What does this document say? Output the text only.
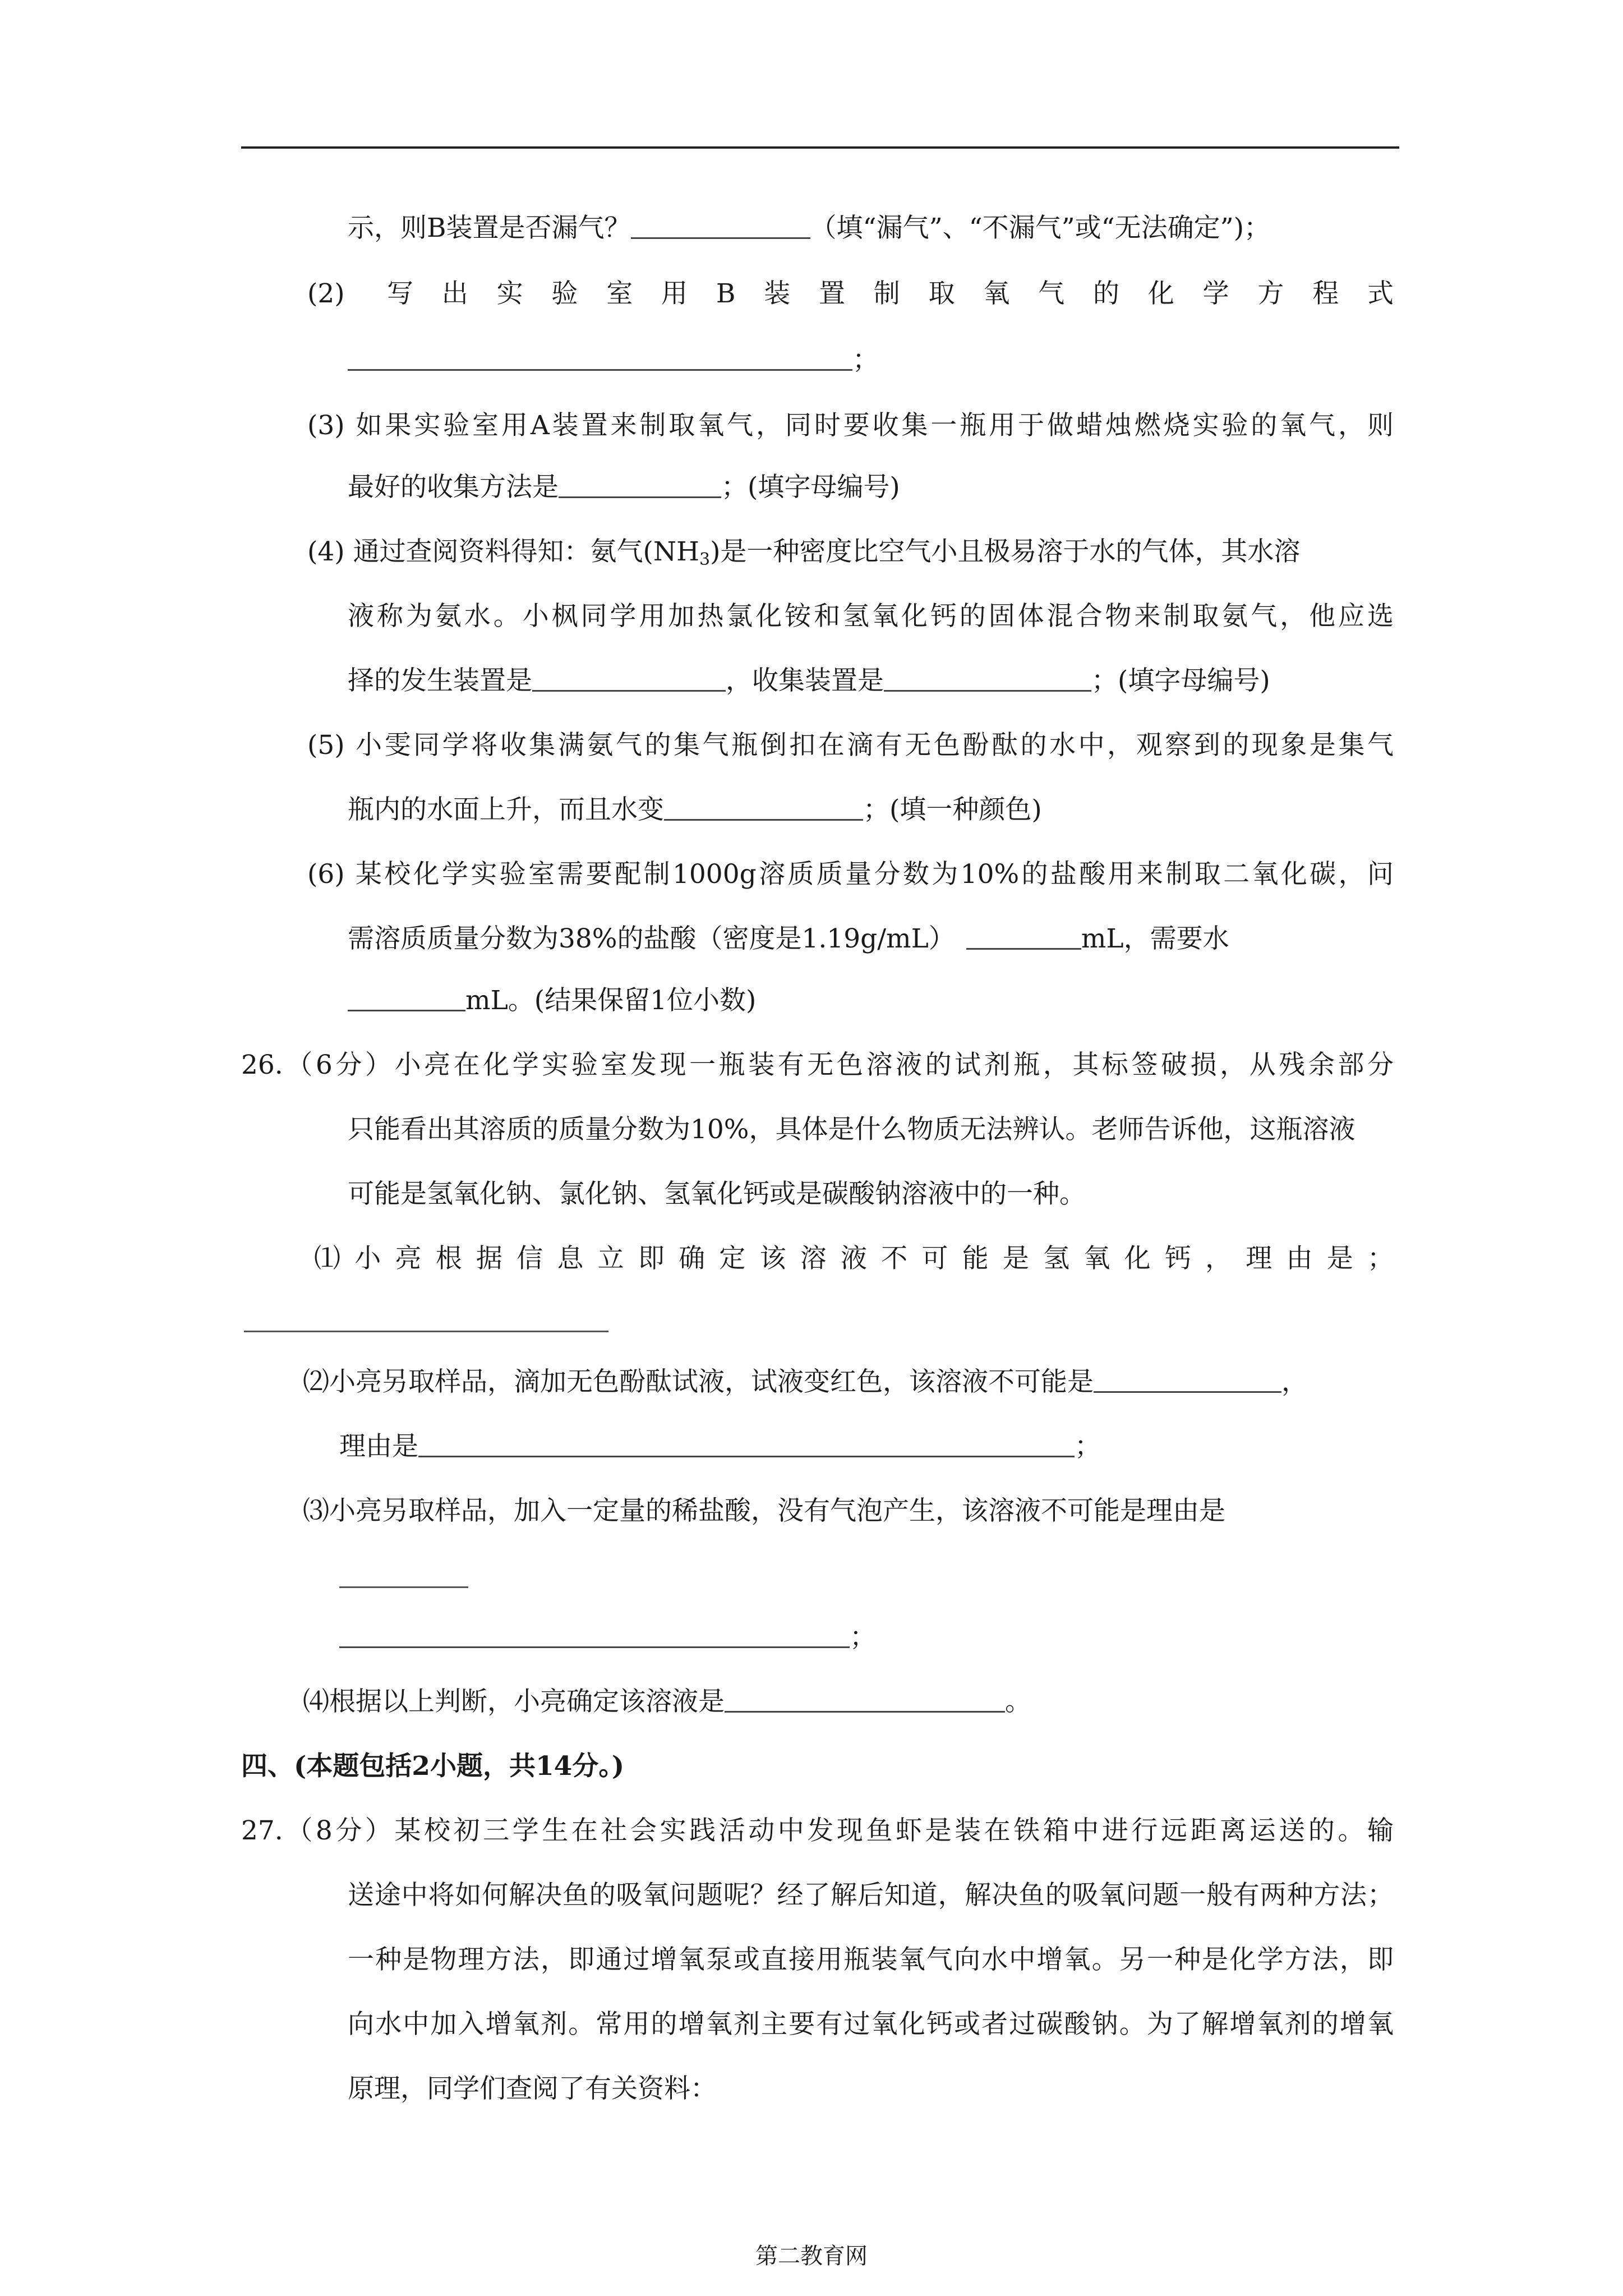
示，则B装置是否漏气？	（填“漏气”、“不漏气”或“无法确定”)；
(2) 写出实验室用B装置制取氧气的化学方程式
；
(3) 如果实验室用A装置来制取氧气，同时要收集一瓶用于做蜡烛燃烧实验的氧气，则
最好的收集方法是	；(填字母编号)
(4) 通过查阅资料得知：氨气$(NH_3)$是一种密度比空气小且极易溶于水的气体，其水溶
液称为氨水。小枫同学用加热氯化铵和氢氧化钙的固体混合物来制取氨气，他应选
择的发生装置是	，收集装置是	；(填字母编号)
(5) 小雯同学将收集满氨气的集气瓶倒扣在滴有无色酚酞的水中，观察到的现象是集气
瓶内的水面上升，而且水变	；(填一种颜色)
(6) 某校化学实验室需要配制1000g溶质质量分数为10%的盐酸用来制取二氧化碳，问
需溶质质量分数为38%的盐酸（密度是1.19g/mL）	mL，需要水
mL。(结果保留1位小数)
26.（6分）小亮在化学实验室发现一瓶装有无色溶液的试剂瓶，其标签破损，从残余部分
只能看出其溶质的质量分数为10%，具体是什么物质无法辨认。老师告诉他，这瓶溶液
可能是氢氧化钠、氯化钠、氢氧化钙或是碳酸钠溶液中的一种。
⑴小亮根据信息立即确定该溶液不可能是氢氧化钙，理由是；
⑵小亮另取样品，滴加无色酚酞试液，试液变红色，该溶液不可能是	，
理由是	；
⑶小亮另取样品，加入一定量的稀盐酸，没有气泡产生，该溶液不可能是理由是
；
⑷根据以上判断，小亮确定该溶液是	。
四、(本题包括2小题，共14分。)
27.（8分）某校初三学生在社会实践活动中发现鱼虾是装在铁箱中进行远距离运送的。输
送途中将如何解决鱼的吸氧问题呢？经了解后知道，解决鱼的吸氧问题一般有两种方法；
一种是物理方法，即通过增氧泵或直接用瓶装氧气向水中增氧。另一种是化学方法，即
向水中加入增氧剂。常用的增氧剂主要有过氧化钙或者过碳酸钠。为了解增氧剂的增氧
原理，同学们查阅了有关资料：
第二教育网
